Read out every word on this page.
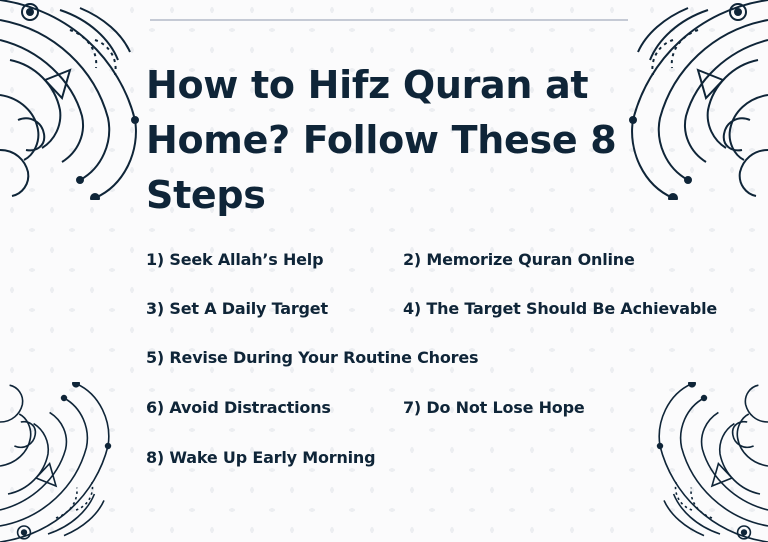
How to Hifz Quran at Home? Follow These 8 Steps
1) Seek Allah’s Help	2) Memorize Quran Online
3) Set A Daily Target	4) The Target Should Be Achievable
5) Revise During Your Routine Chores
6) Avoid Distractions	7) Do Not Lose Hope
8) Wake Up Early Morning
